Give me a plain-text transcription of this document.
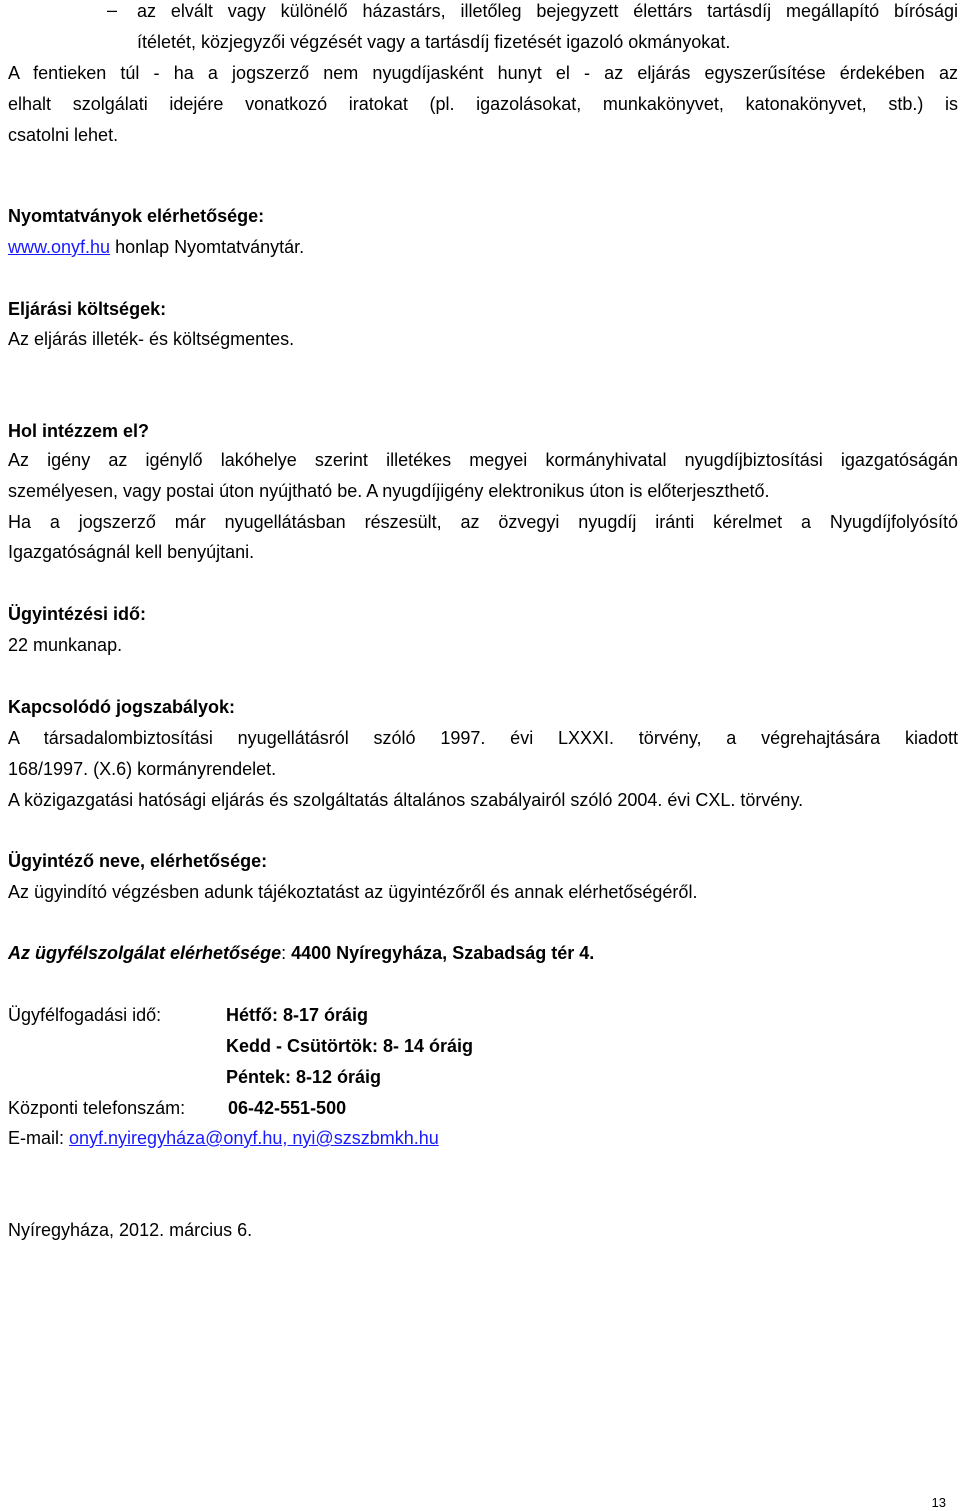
– az elvált vagy különélő házastárs, illetőleg bejegyzett élettárs tartásdíj megállapító bírósági
ítéletét, közjegyzői végzését vagy a tartásdíj fizetését igazoló okmányokat.
A fentieken túl - ha a jogszerző nem nyugdíjasként hunyt el - az eljárás egyszerűsítése érdekében az
elhalt szolgálati idejére vonatkozó iratokat (pl. igazolásokat, munkakönyvet, katonakönyvet, stb.) is
csatolni lehet.
Nyomtatványok elérhetősége:
www.onyf.hu honlap Nyomtatványtár.
Eljárási költségek:
Az eljárás illeték- és költségmentes.
Hol intézzem el?
Az igény az igénylő lakóhelye szerint illetékes megyei kormányhivatal nyugdíjbiztosítási igazgatóságán
személyesen, vagy postai úton nyújtható be. A nyugdíjigény elektronikus úton is előterjeszthető.
Ha a jogszerző már nyugellátásban részesült, az özvegyi nyugdíj iránti kérelmet a Nyugdíjfolyósító
Igazgatóságnál kell benyújtani.
Ügyintézési idő:
22 munkanap.
Kapcsolódó jogszabályok:
A társadalombiztosítási nyugellátásról szóló 1997. évi LXXXI. törvény, a végrehajtására kiadott
168/1997. (X.6) kormányrendelet.
A közigazgatási hatósági eljárás és szolgáltatás általános szabályairól szóló 2004. évi CXL. törvény.
Ügyintéző neve, elérhetősége:
Az ügyindító végzésben adunk tájékoztatást az ügyintézőről és annak elérhetőségéről.
Az ügyfélszolgálat elérhetősége: 4400 Nyíregyháza, Szabadság tér 4.
Ügyfélfogadási idő:	Hétfő: 8-17 óráig
Kedd - Csütörtök: 8- 14 óráig
Péntek: 8-12 óráig
Központi telefonszám: 06-42-551-500
E-mail: onyf.nyiregyháza@onyf.hu, nyi@szszbmkh.hu
Nyíregyháza, 2012. március 6.
13
